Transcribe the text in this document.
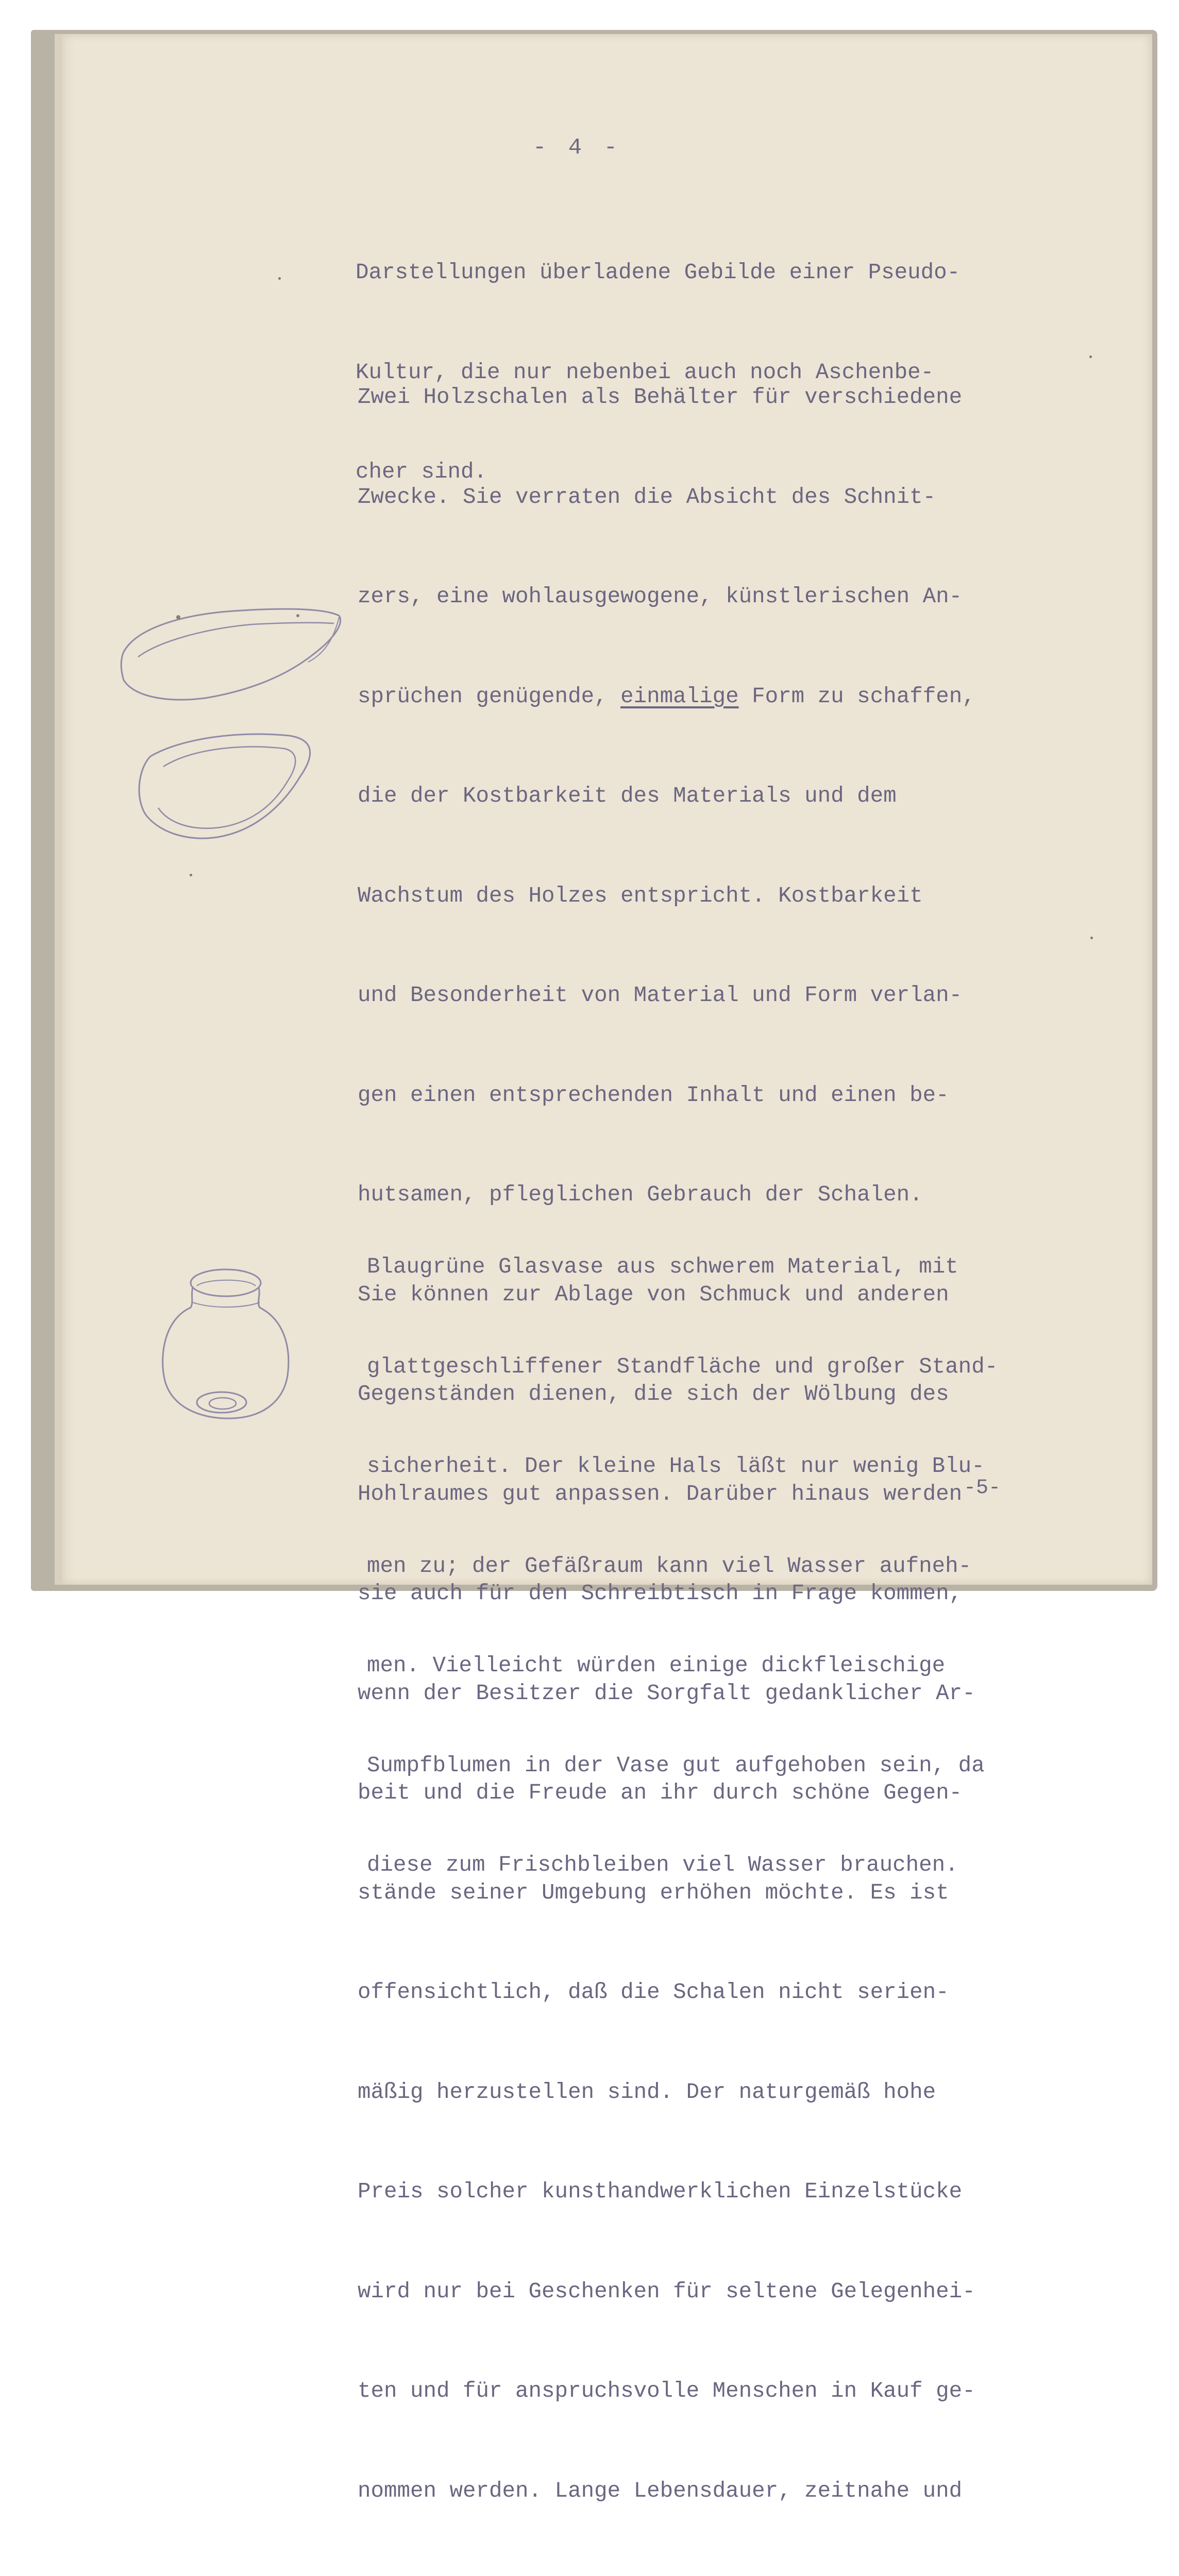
- 4 -

Darstellungen überladene Gebilde einer Pseudo-

Kultur, die nur nebenbei auch noch Aschenbe-

cher sind.

Zwei Holzschalen als Behälter für verschiedene

Zwecke. Sie verraten die Absicht des Schnit-

zers, eine wohlausgewogene, künstlerischen An-

sprüchen genügende, einmalige Form zu schaffen,

die der Kostbarkeit des Materials und dem

Wachstum des Holzes entspricht. Kostbarkeit

und Besonderheit von Material und Form verlan-

gen einen entsprechenden Inhalt und einen be-

hutsamen, pfleglichen Gebrauch der Schalen.

Sie können zur Ablage von Schmuck und anderen

Gegenständen dienen, die sich der Wölbung des

Hohlraumes gut anpassen. Darüber hinaus werden

sie auch für den Schreibtisch in Frage kommen,

wenn der Besitzer die Sorgfalt gedanklicher Ar-

beit und die Freude an ihr durch schöne Gegen-

stände seiner Umgebung erhöhen möchte. Es ist

offensichtlich, daß die Schalen nicht serien-

mäßig herzustellen sind. Der naturgemäß hohe

Preis solcher kunsthandwerklichen Einzelstücke

wird nur bei Geschenken für seltene Gelegenhei-

ten und für anspruchsvolle Menschen in Kauf ge-

nommen werden. Lange Lebensdauer, zeitnahe und

Blaugrüne Glasvase aus schwerem Material, mit

glattgeschliffener Standfläche und großer Stand-

sicherheit. Der kleine Hals läßt nur wenig Blu-

men zu; der Gefäßraum kann viel Wasser aufneh-

men. Vielleicht würden einige dickfleischige

Sumpfblumen in der Vase gut aufgehoben sein, da

diese zum Frischbleiben viel Wasser brauchen.

-5-
